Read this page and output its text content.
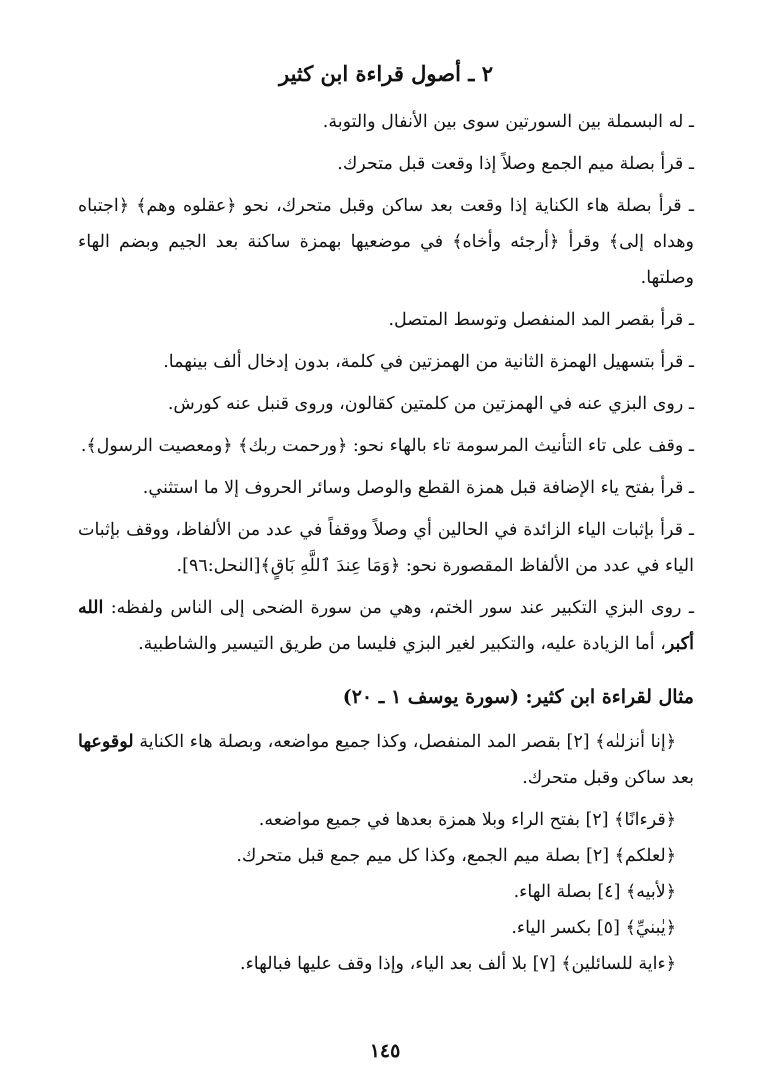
٢ ـ أصول قراءة ابن كثير

ـ له البسملة بين السورتين سوى بين الأنفال والتوبة.

ـ قرأ بصلة ميم الجمع وصلاً إذا وقعت قبل متحرك.

ـ قرأ بصلة هاء الكناية إذا وقعت بعد ساكن وقبل متحرك، نحو ﴿عقلوه وهم﴾ ﴿اجتباه وهداه إلى﴾ وقرأ ﴿أرجئه وأخاه﴾ في موضعيها بهمزة ساكنة بعد الجيم وبضم الهاء وصلتها.

ـ قرأ بقصر المد المنفصل وتوسط المتصل.

ـ قرأ بتسهيل الهمزة الثانية من الهمزتين في كلمة، بدون إدخال ألف بينهما.

ـ روى البزي عنه في الهمزتين من كلمتين كقالون، وروى قنبل عنه كورش.

ـ وقف على تاء التأنيث المرسومة تاء بالهاء نحو: ﴿ورحمت ربك﴾ ﴿ومعصيت الرسول﴾.

ـ قرأ بفتح ياء الإضافة قبل همزة القطع والوصل وسائر الحروف إلا ما استثني.

ـ قرأ بإثبات الياء الزائدة في الحالين أي وصلاً ووقفاً في عدد من الألفاظ، ووقف بإثبات الياء في عدد من الألفاظ المقصورة نحو: ﴿وَمَا عِندَ ٱللَّهِ بَاقٍ﴾[النحل:٩٦].

ـ روى البزي التكبير عند سور الختم، وهي من سورة الضحى إلى الناس ولفظه: الله أكبر، أما الزيادة عليه، والتكبير لغير البزي فليسا من طريق التيسير والشاطبية.

مثال لقراءة ابن كثير: (سورة يوسف ١ ـ ٢٠)

﴿إنا أنزلنٰه﴾ [٢] بقصر المد المنفصل، وكذا جميع مواضعه، وبصلة هاء الكناية لوقوعها بعد ساكن وقبل متحرك.

﴿قرءانًا﴾ [٢] بفتح الراء وبلا همزة بعدها في جميع مواضعه.

﴿لعلكم﴾ [٢] بصلة ميم الجمع، وكذا كل ميم جمع قبل متحرك.

﴿لأبيه﴾ [٤] بصلة الهاء.

﴿يٰبنيِّ﴾ [٥] بكسر الياء.

﴿ءاية للسائلين﴾ [٧] بلا ألف بعد الياء، وإذا وقف عليها فبالهاء.

١٤٥
